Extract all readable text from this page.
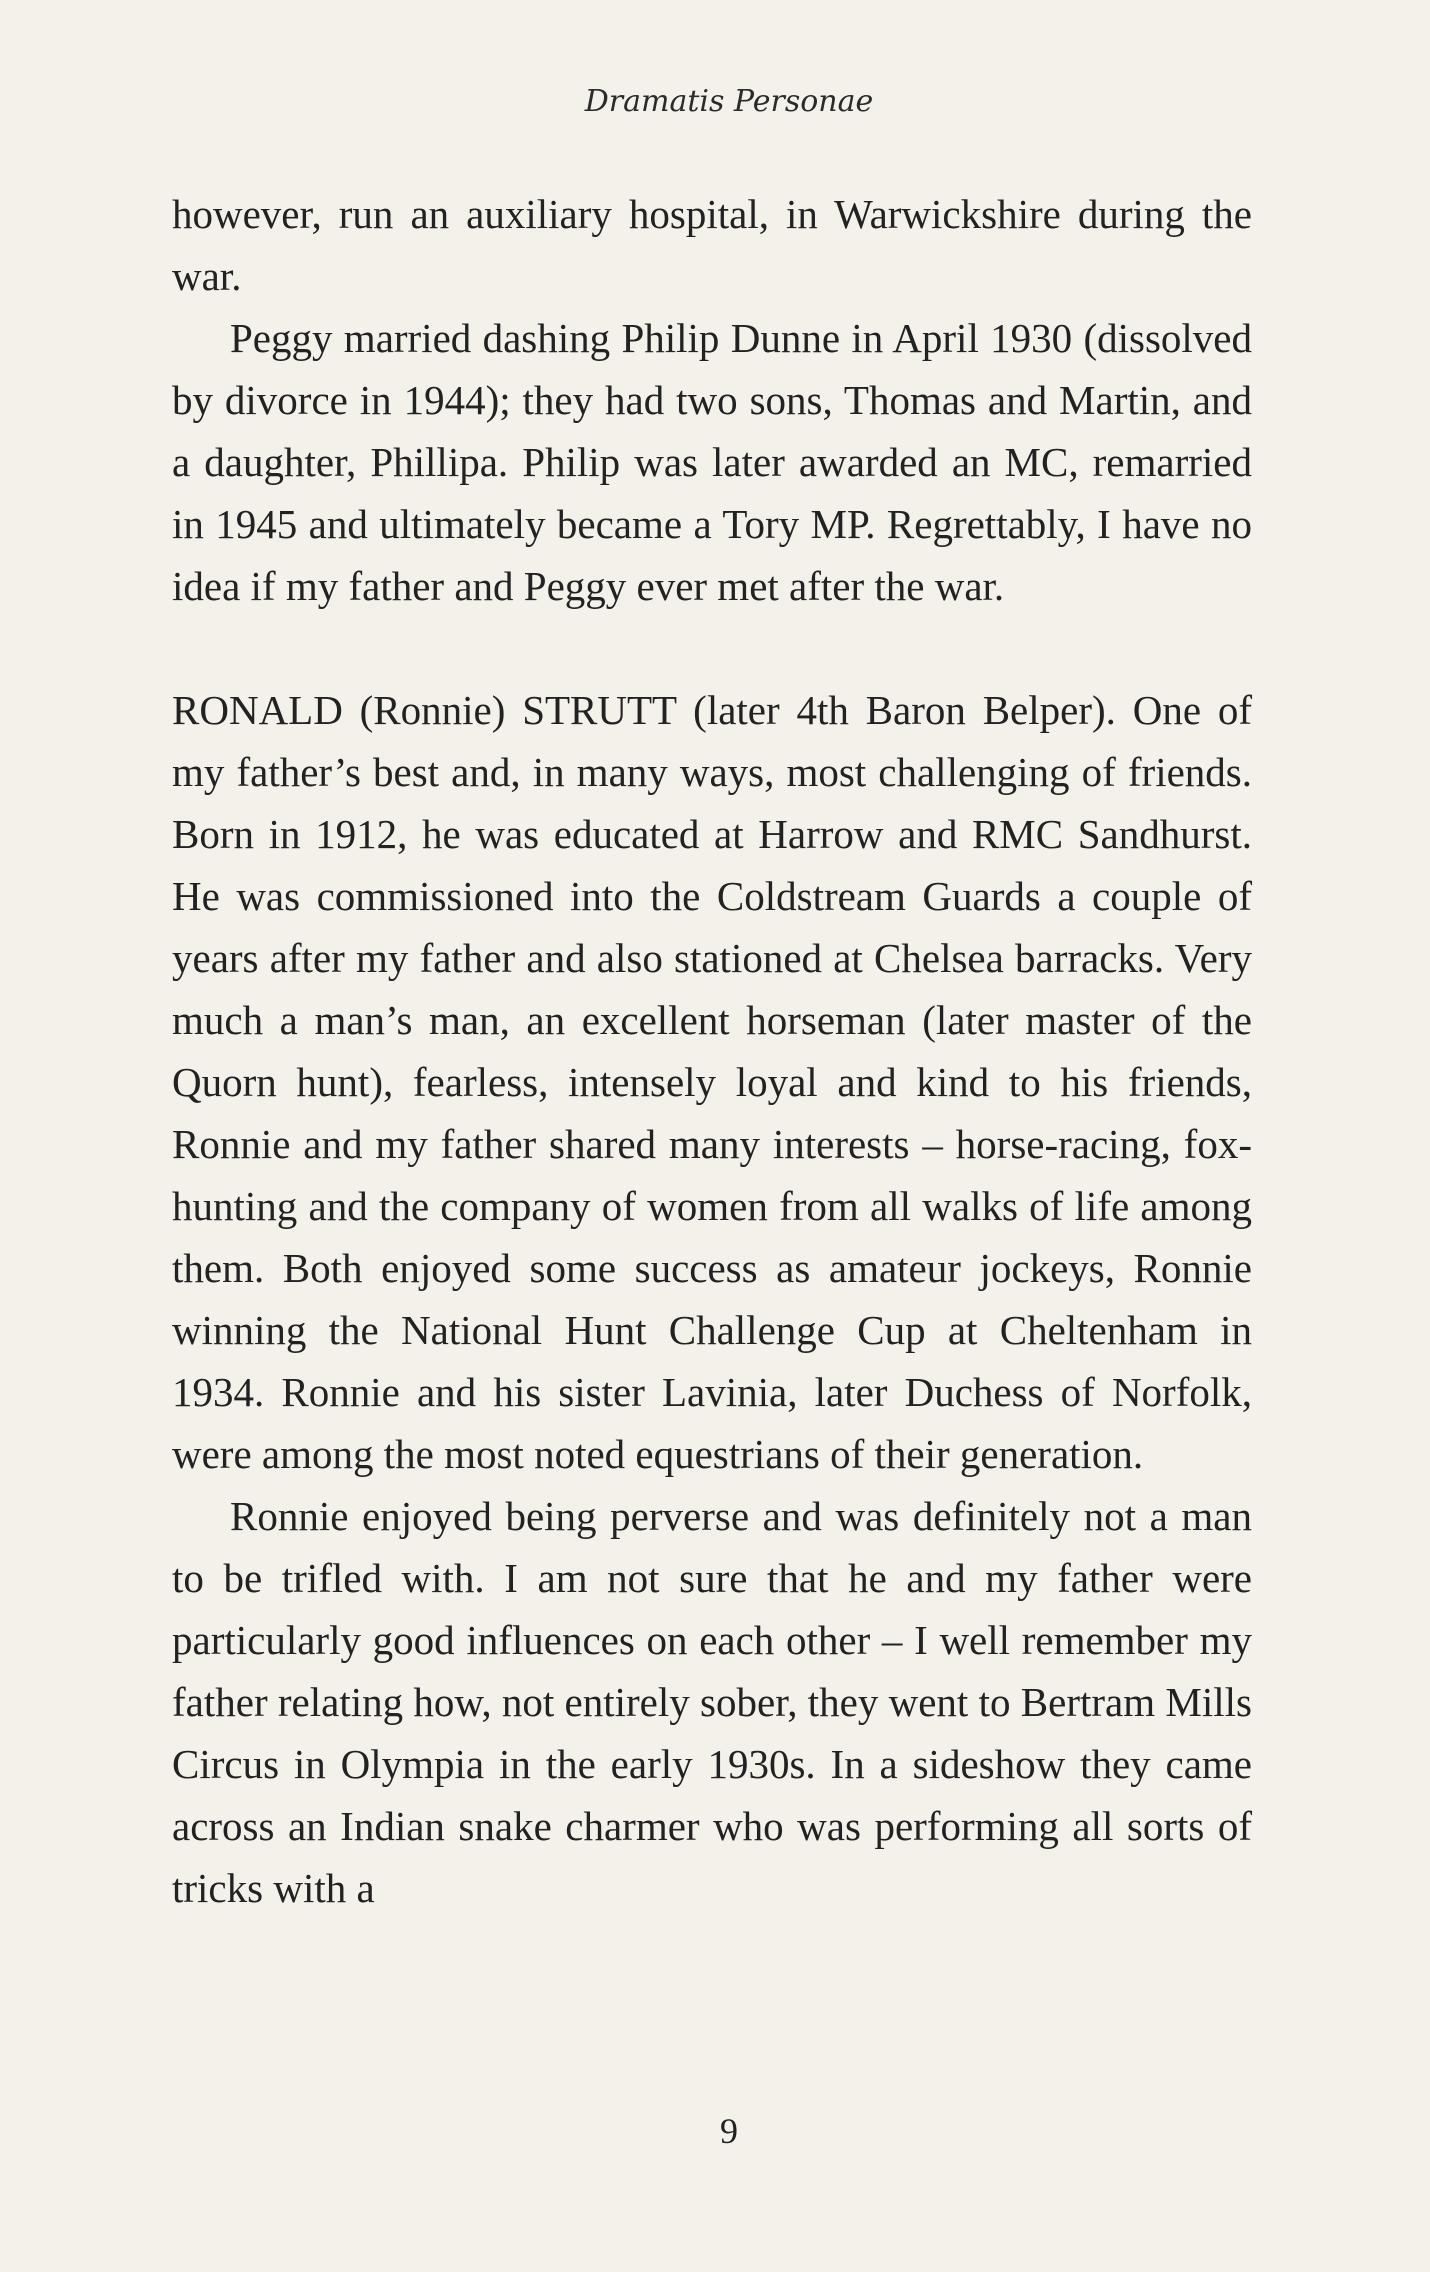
Dramatis Personae

however, run an auxiliary hospital, in Warwickshire during the war.

Peggy married dashing Philip Dunne in April 1930 (dissolved by divorce in 1944); they had two sons, Thomas and Martin, and a daughter, Phillipa. Philip was later awarded an MC, remarried in 1945 and ultimately became a Tory MP. Regrettably, I have no idea if my father and Peggy ever met after the war.

RONALD (Ronnie) STRUTT (later 4th Baron Belper). One of my father’s best and, in many ways, most challenging of friends. Born in 1912, he was educated at Harrow and RMC Sandhurst. He was commissioned into the Coldstream Guards a couple of years after my father and also stationed at Chelsea barracks. Very much a man’s man, an excellent horseman (later master of the Quorn hunt), fearless, intensely loyal and kind to his friends, Ronnie and my father shared many interests – horse-racing, fox-hunting and the company of women from all walks of life among them. Both enjoyed some success as amateur jockeys, Ronnie winning the National Hunt Challenge Cup at Cheltenham in 1934. Ronnie and his sister Lavinia, later Duchess of Norfolk, were among the most noted equestrians of their generation.

Ronnie enjoyed being perverse and was definitely not a man to be trifled with. I am not sure that he and my father were particularly good influences on each other – I well remember my father relating how, not entirely sober, they went to Bertram Mills Circus in Olympia in the early 1930s. In a sideshow they came across an Indian snake charmer who was performing all sorts of tricks with a

9
